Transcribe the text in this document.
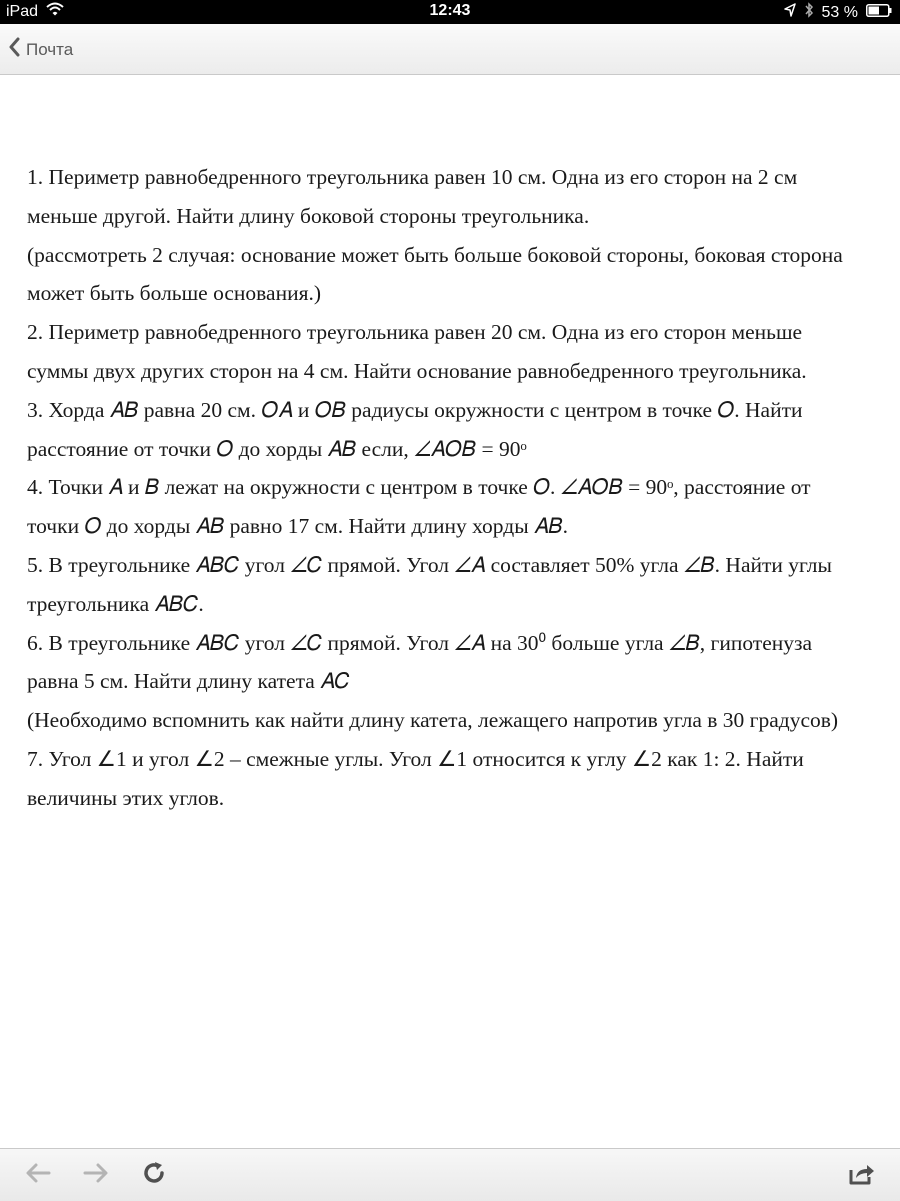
iPad	12:43	53 %
Почта

1. Периметр равнобедренного треугольника равен 10 см. Одна из его сторон на 2 см

меньше другой. Найти длину боковой стороны треугольника.

(рассмотреть 2 случая: основание может быть больше боковой стороны, боковая сторона

может быть больше основания.)

2. Периметр равнобедренного треугольника равен 20 см. Одна из его сторон меньше

суммы двух других сторон на 4 см. Найти основание равнобедренного треугольника.

3. Хорда 𝐴𝐵 равна 20 см. 𝑂𝐴 и 𝑂𝐵 радиусы окружности с центром в точке 𝑂. Найти

расстояние от точки 𝑂 до хорды 𝐴𝐵 если, ∠𝐴𝑂𝐵 = 90ᵒ

4. Точки 𝐴 и 𝐵 лежат на окружности с центром в точке 𝑂. ∠𝐴𝑂𝐵 = 90ᵒ, расстояние от

точки 𝑂 до хорды 𝐴𝐵 равно 17 см. Найти длину хорды 𝐴𝐵.

5. В треугольнике 𝐴𝐵𝐶 угол ∠𝐶 прямой. Угол ∠𝐴 составляет 50% угла ∠𝐵. Найти углы

треугольника 𝐴𝐵𝐶.

6. В треугольнике 𝐴𝐵𝐶 угол ∠𝐶 прямой. Угол ∠𝐴 на 30⁰ больше угла ∠𝐵, гипотенуза

равна 5 см. Найти длину катета 𝐴𝐶

(Необходимо вспомнить как найти длину катета, лежащего напротив угла в 30 градусов)

7. Угол ∠1 и угол ∠2 – смежные углы. Угол ∠1 относится к углу ∠2 как 1: 2. Найти

величины этих углов.
